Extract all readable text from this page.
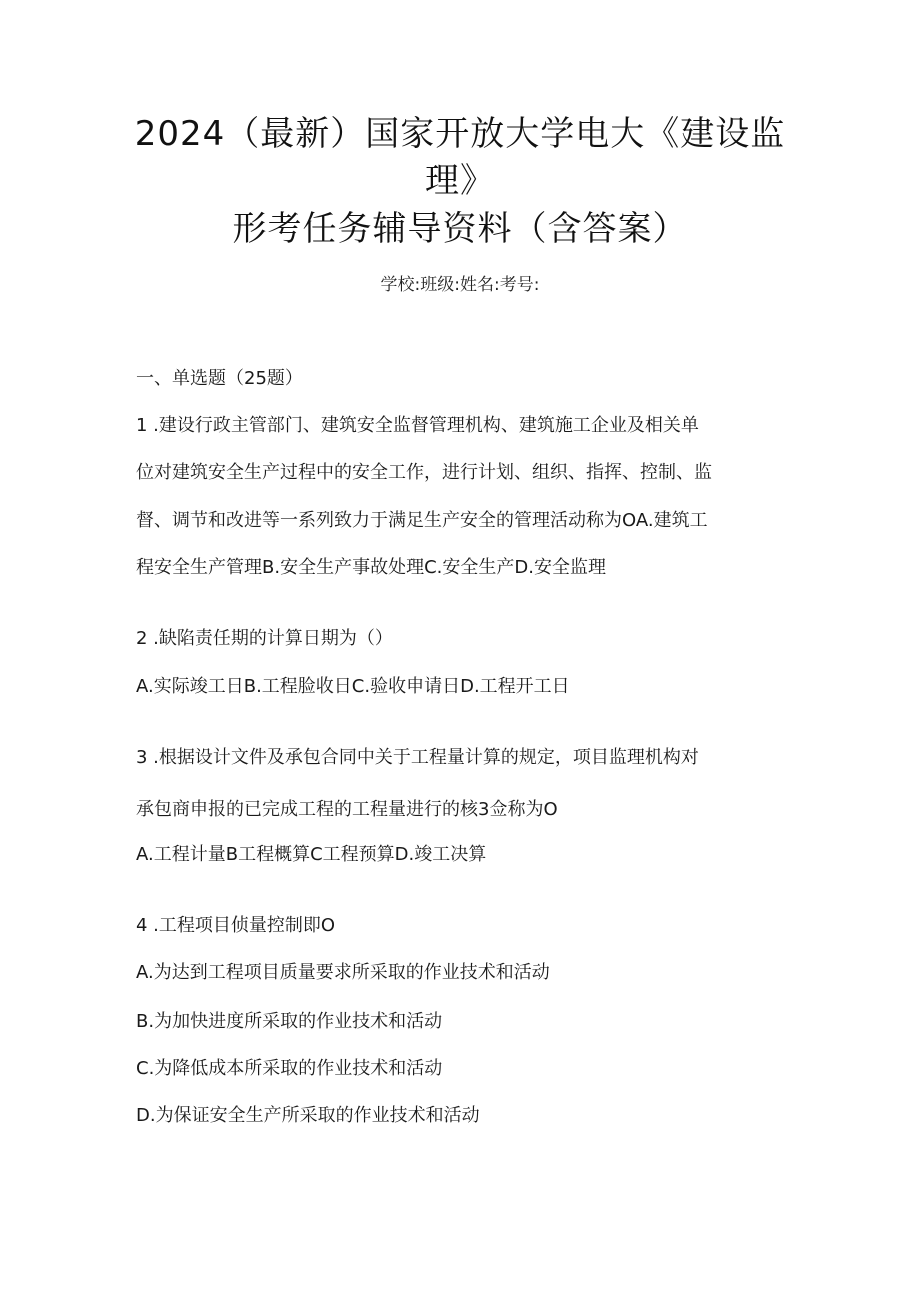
2024（最新）国家开放大学电大《建设监
理》
形考任务辅导资料（含答案）
学校:班级:姓名:考号:
一、单选题（25题）
1 .建设行政主管部门、建筑安全监督管理机构、建筑施工企业及相关单
位对建筑安全生产过程中的安全工作，进行计划、组织、指挥、控制、监
督、调节和改进等一系列致力于满足生产安全的管理活动称为OA.建筑工
程安全生产管理B.安全生产事故处理C.安全生产D.安全监理
2 .缺陷责任期的计算日期为（）
A.实际竣工日B.工程脸收日C.验收申请日D.工程开工日
3 .根据设计文件及承包合同中关于工程量计算的规定，项目监理机构对
承包商申报的已完成工程的工程量进行的核3佥称为O
A.工程计量B工程概算C工程预算D.竣工决算
4 .工程项目侦量控制即O
A.为达到工程项目质量要求所采取的作业技术和活动
B.为加快进度所采取的作业技术和活动
C.为降低成本所采取的作业技术和活动
D.为保证安全生产所采取的作业技术和活动
